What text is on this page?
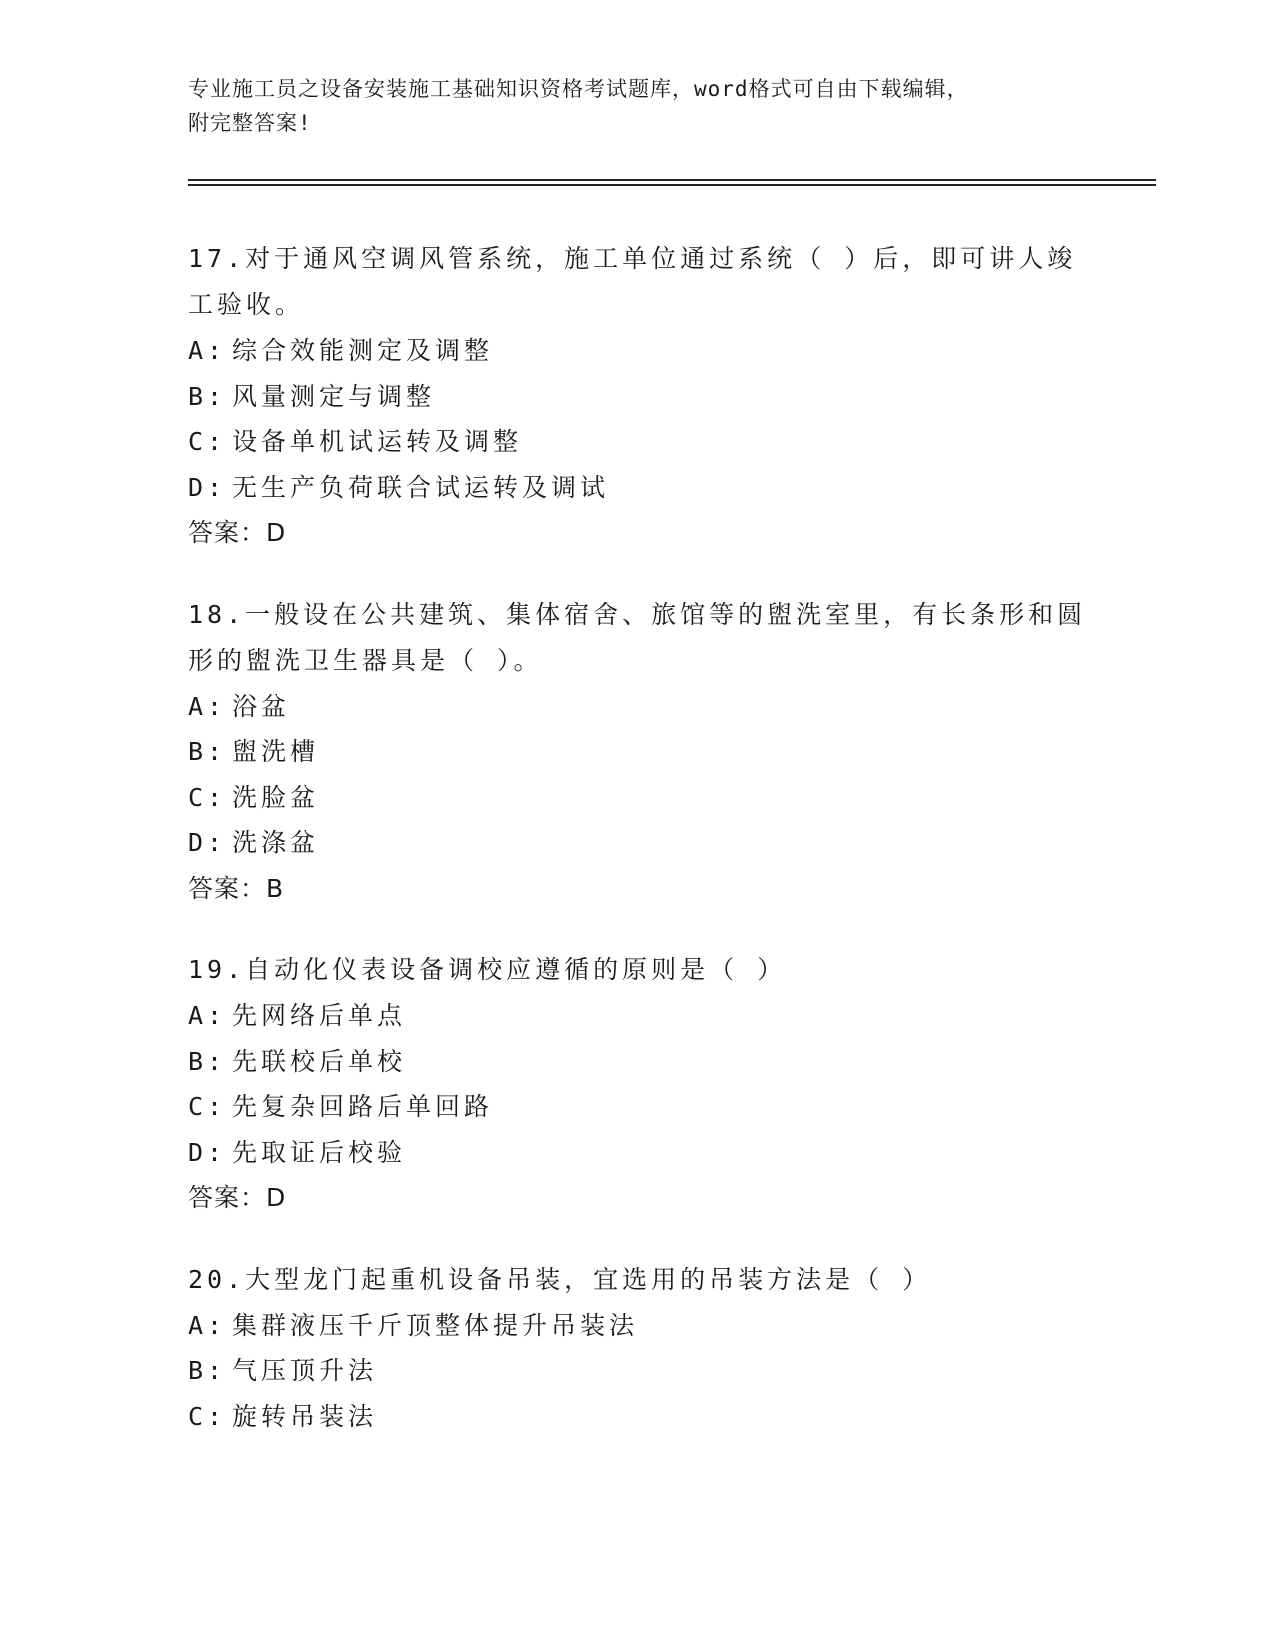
专业施工员之设备安装施工基础知识资格考试题库，word格式可自由下载编辑，
附完整答案!

17.对于通风空调风管系统，施工单位通过系统（ ）后，即可讲人竣工验收。

A: 综合效能测定及调整
B: 风量测定与调整
C: 设备单机试运转及调整
D: 无生产负荷联合试运转及调试

答案：D

18.一般设在公共建筑、集体宿舍、旅馆等的盥洗室里，有长条形和圆形的盥洗卫生器具是（ ）。

A: 浴盆
B: 盥洗槽
C: 洗脸盆
D: 洗涤盆

答案：B

19.自动化仪表设备调校应遵循的原则是（ ）

A: 先网络后单点
B: 先联校后单校
C: 先复杂回路后单回路
D: 先取证后校验

答案：D

20.大型龙门起重机设备吊装，宜选用的吊装方法是（ ）

A: 集群液压千斤顶整体提升吊装法
B: 气压顶升法
C: 旋转吊装法
